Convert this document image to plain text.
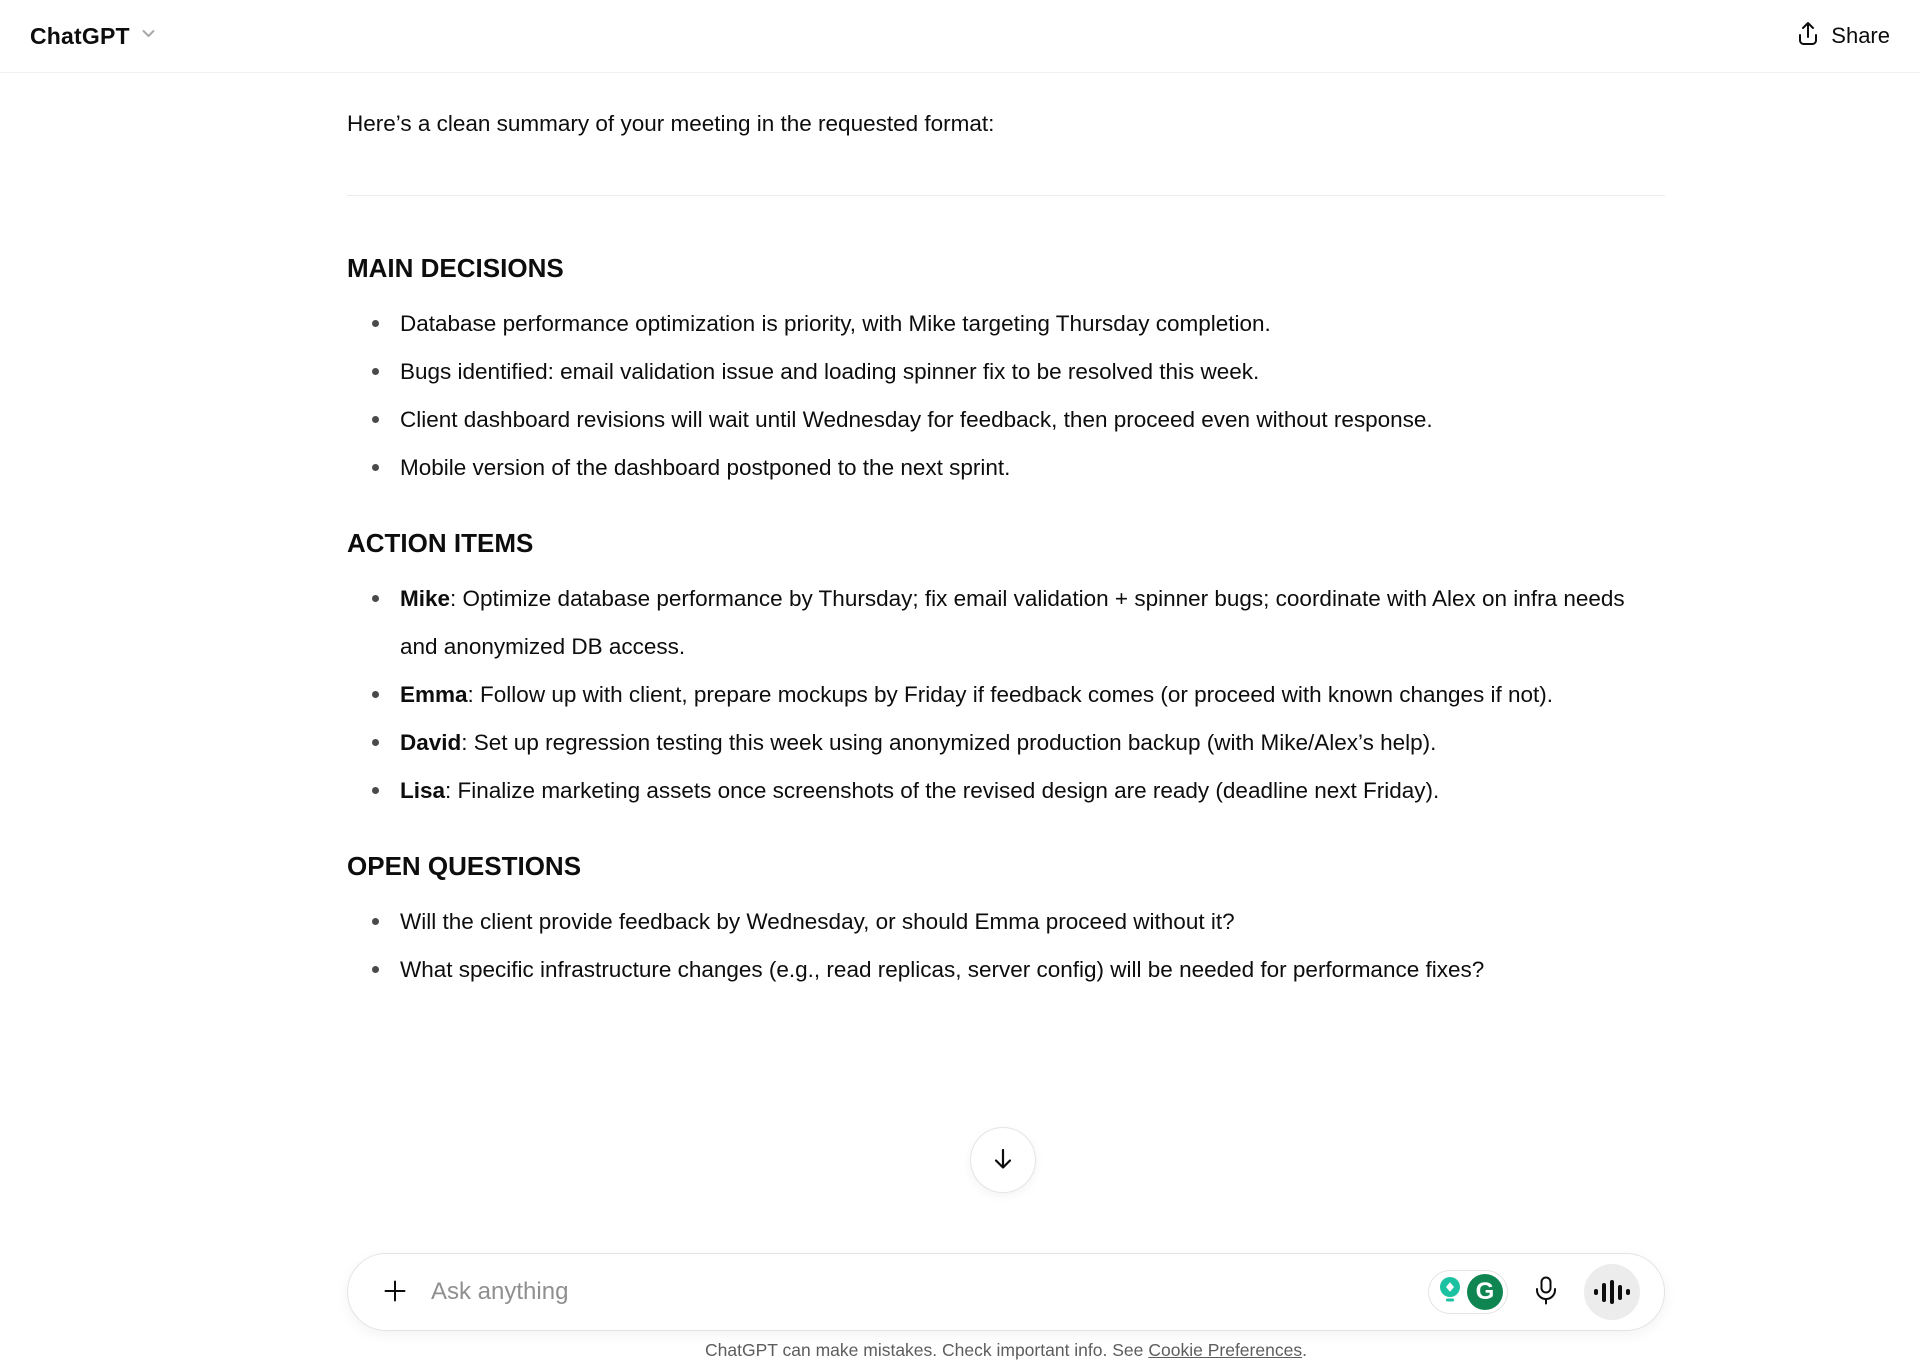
ChatGPT	Share

Here’s a clean summary of your meeting in the requested format:

MAIN DECISIONS
Database performance optimization is priority, with Mike targeting Thursday completion.
Bugs identified: email validation issue and loading spinner fix to be resolved this week.
Client dashboard revisions will wait until Wednesday for feedback, then proceed even without response.
Mobile version of the dashboard postponed to the next sprint.
ACTION ITEMS
Mike: Optimize database performance by Thursday; fix email validation + spinner bugs; coordinate with Alex on infra needs and anonymized DB access.
Emma: Follow up with client, prepare mockups by Friday if feedback comes (or proceed with known changes if not).
David: Set up regression testing this week using anonymized production backup (with Mike/Alex’s help).
Lisa: Finalize marketing assets once screenshots of the revised design are ready (deadline next Friday).
OPEN QUESTIONS
Will the client provide feedback by Wednesday, or should Emma proceed without it?
What specific infrastructure changes (e.g., read replicas, server config) will be needed for performance fixes?
Ask anything	G
ChatGPT can make mistakes. Check important info. See Cookie Preferences.
